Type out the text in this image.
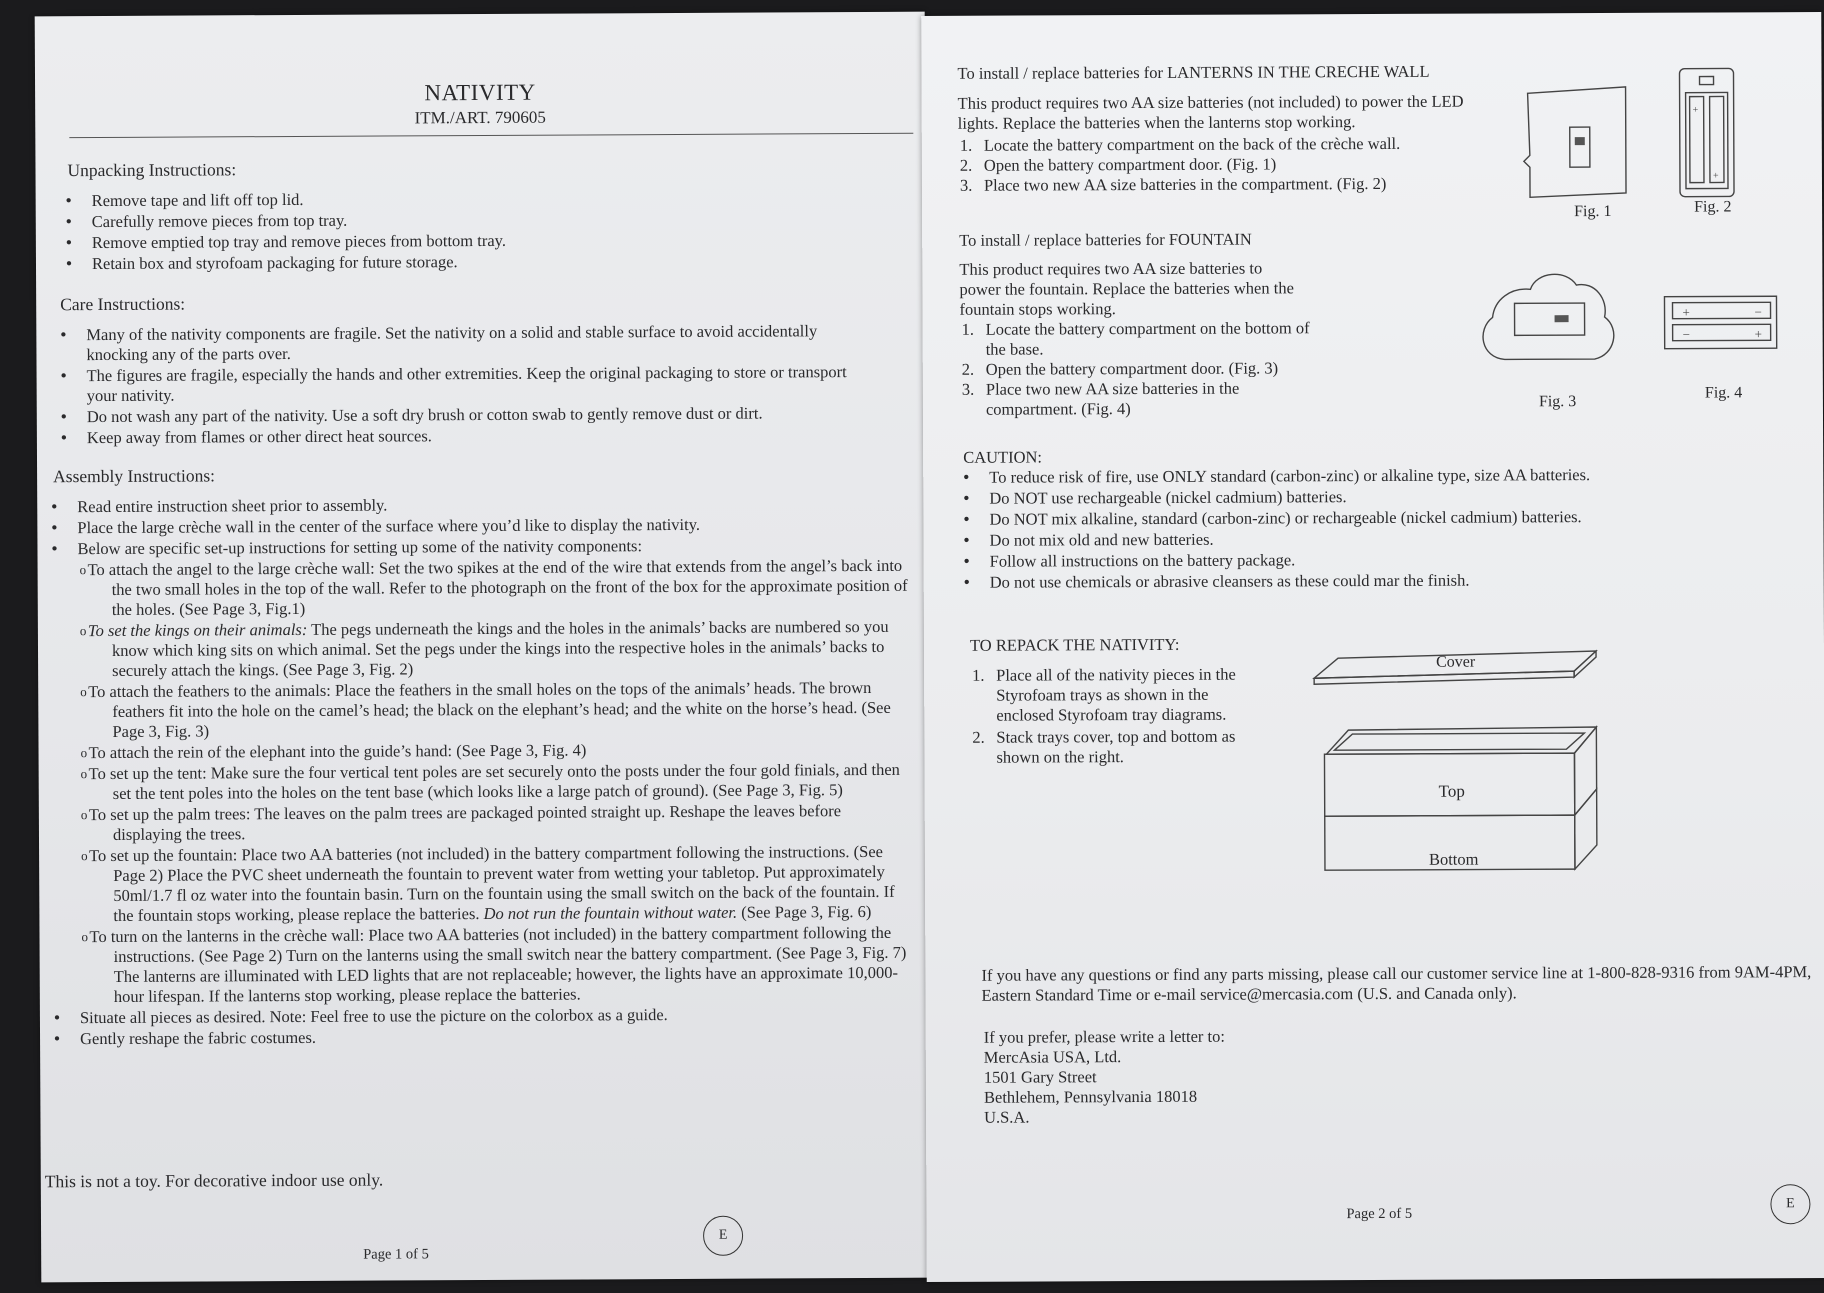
NATIVITY
ITM./ART. 790605
Unpacking Instructions:
● Remove tape and lift off top lid.
● Carefully remove pieces from top tray.
● Remove emptied top tray and remove pieces from bottom tray.
● Retain box and styrofoam packaging for future storage.
Care Instructions:
● Many of the nativity components are fragile. Set the nativity on a solid and stable surface to avoid accidentally knocking any of the parts over.
● The figures are fragile, especially the hands and other extremities. Keep the original packaging to store or transport your nativity.
● Do not wash any part of the nativity. Use a soft dry brush or cotton swab to gently remove dust or dirt.
● Keep away from flames or other direct heat sources.
Assembly Instructions:
● Read entire instruction sheet prior to assembly.
● Place the large crèche wall in the center of the surface where you’d like to display the nativity.
● Below are specific set-up instructions for setting up some of the nativity components:
o To attach the angel to the large crèche wall: Set the two spikes at the end of the wire that extends from the angel’s back into the two small holes in the top of the wall. Refer to the photograph on the front of the box for the approximate position of the holes. (See Page 3, Fig.1)
o To set the kings on their animals: The pegs underneath the kings and the holes in the animals’ backs are numbered so you know which king sits on which animal. Set the pegs under the kings into the respective holes in the animals’ backs to securely attach the kings. (See Page 3, Fig. 2)
o To attach the feathers to the animals: Place the feathers in the small holes on the tops of the animals’ heads. The brown feathers fit into the hole on the camel’s head; the black on the elephant’s head; and the white on the horse’s head. (See Page 3, Fig. 3)
o To attach the rein of the elephant into the guide’s hand: (See Page 3, Fig. 4)
o To set up the tent: Make sure the four vertical tent poles are set securely onto the posts under the four gold finials, and then set the tent poles into the holes on the tent base (which looks like a large patch of ground). (See Page 3, Fig. 5)
o To set up the palm trees: The leaves on the palm trees are packaged pointed straight up. Reshape the leaves before displaying the trees.
o To set up the fountain: Place two AA batteries (not included) in the battery compartment following the instructions. (See Page 2) Place the PVC sheet underneath the fountain to prevent water from wetting your tabletop. Put approximately 50ml/1.7 fl oz water into the fountain basin. Turn on the fountain using the small switch on the back of the fountain. If the fountain stops working, please replace the batteries. Do not run the fountain without water. (See Page 3, Fig. 6)
o To turn on the lanterns in the crèche wall: Place two AA batteries (not included) in the battery compartment following the instructions. (See Page 2) Turn on the lanterns using the small switch near the battery compartment. (See Page 3, Fig. 7) The lanterns are illuminated with LED lights that are not replaceable; however, the lights have an approximate 10,000-hour lifespan. If the lanterns stop working, please replace the batteries.
● Situate all pieces as desired. Note: Feel free to use the picture on the colorbox as a guide.
● Gently reshape the fabric costumes.
This is not a toy. For decorative indoor use only.
Page 1 of 5
E
To install / replace batteries for LANTERNS IN THE CRECHE WALL
This product requires two AA size batteries (not included) to power the LED lights. Replace the batteries when the lanterns stop working.
1. Locate the battery compartment on the back of the crèche wall.
2. Open the battery compartment door. (Fig. 1)
3. Place two new AA size batteries in the compartment. (Fig. 2)
+
+
Fig. 1	Fig. 2
To install / replace batteries for FOUNTAIN
This product requires two AA size batteries to power the fountain. Replace the batteries when the fountain stops working.
1. Locate the battery compartment on the bottom of the base.
2. Open the battery compartment door. (Fig. 3)
3. Place two new AA size batteries in the compartment. (Fig. 4)
+	−
−	+
Fig. 3
Fig. 4
CAUTION:
● To reduce risk of fire, use ONLY standard (carbon-zinc) or alkaline type, size AA batteries.
● Do NOT use rechargeable (nickel cadmium) batteries.
● Do NOT mix alkaline, standard (carbon-zinc) or rechargeable (nickel cadmium) batteries.
● Do not mix old and new batteries.
● Follow all instructions on the battery package.
● Do not use chemicals or abrasive cleansers as these could mar the finish.
TO REPACK THE NATIVITY:
1. Place all of the nativity pieces in the Styrofoam trays as shown in the enclosed Styrofoam tray diagrams.
2. Stack trays cover, top and bottom as shown on the right.
Cover
Top
Bottom
If you have any questions or find any parts missing, please call our customer service line at 1-800-828-9316 from 9AM-4PM, Eastern Standard Time or e-mail service@mercasia.com (U.S. and Canada only).
If you prefer, please write a letter to:
MercAsia USA, Ltd.
1501 Gary Street
Bethlehem, Pennsylvania 18018
U.S.A.
Page 2 of 5
E
